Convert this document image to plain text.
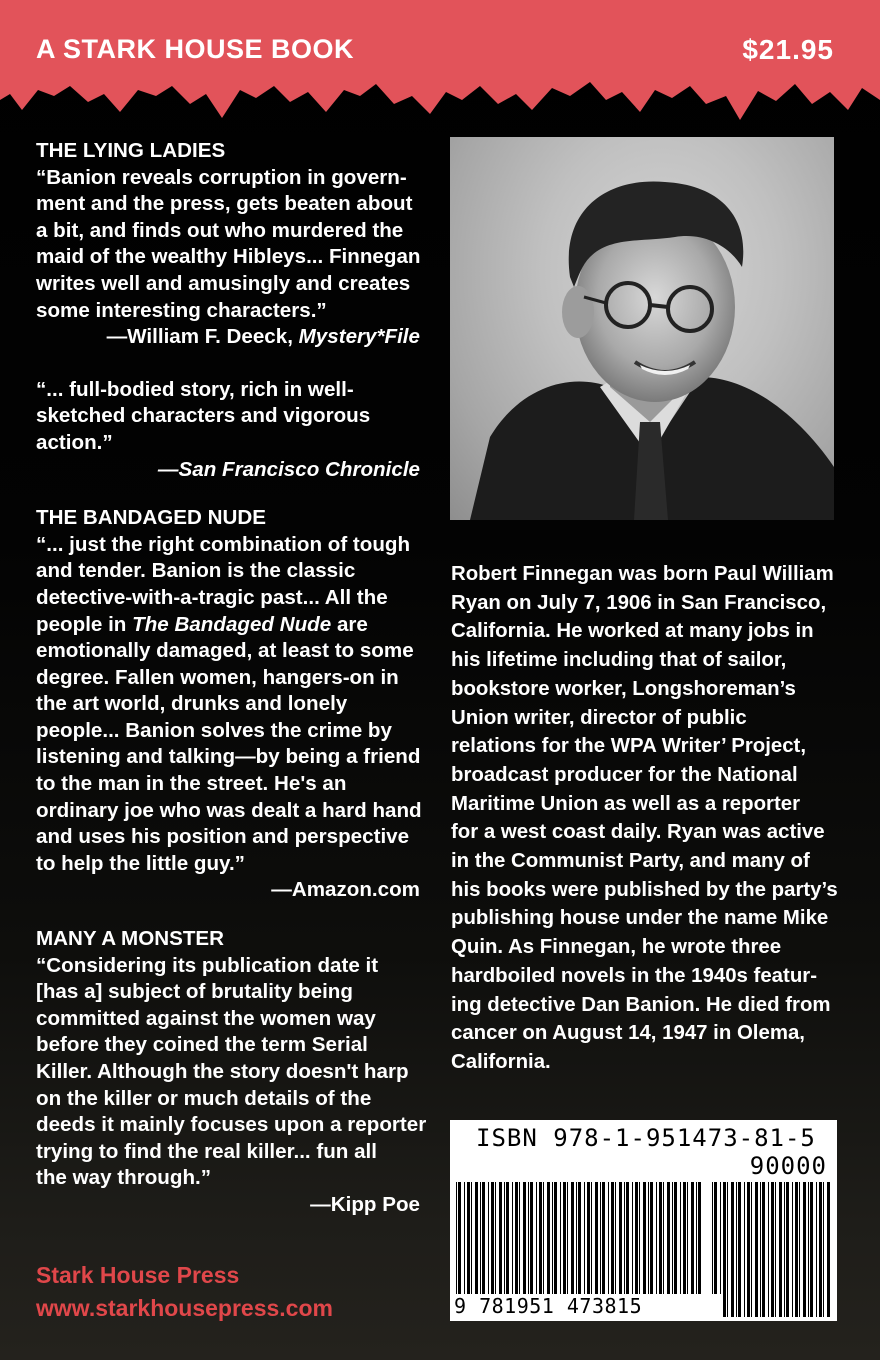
A STARK HOUSE BOOK	$21.95

THE LYING LADIES

“Banion reveals corruption in govern-

ment and the press, gets beaten about

a bit, and finds out who murdered the

maid of the wealthy Hibleys... Finnegan

writes well and amusingly and creates

some interesting characters.”

—William F. Deeck, Mystery*File

“... full-bodied story, rich in well-

sketched characters and vigorous

action.”

—San Francisco Chronicle

THE BANDAGED NUDE

“... just the right combination of tough

and tender. Banion is the classic

detective-with-a-tragic past... All the

people in The Bandaged Nude are

emotionally damaged, at least to some

degree. Fallen women, hangers-on in

the art world, drunks and lonely

people... Banion solves the crime by

listening and talking—by being a friend

to the man in the street. He's an

ordinary joe who was dealt a hard hand

and uses his position and perspective

to help the little guy.”

—Amazon.com

MANY A MONSTER

“Considering its publication date it

[has a] subject of brutality being

committed against the women way

before they coined the term Serial

Killer. Although the story doesn't harp

on the killer or much details of the

deeds it mainly focuses upon a reporter

trying to find the real killer... fun all

the way through.”

—Kipp Poe

Robert Finnegan was born Paul William
Ryan on July 7, 1906 in San Francisco,
California. He worked at many jobs in
his lifetime including that of sailor,
bookstore worker, Longshoreman’s
Union writer, director of public
relations for the WPA Writer’ Project,
broadcast producer for the National
Maritime Union as well as a reporter
for a west coast daily. Ryan was active
in the Communist Party, and many of
his books were published by the party’s
publishing house under the name Mike
Quin. As Finnegan, he wrote three
hardboiled novels in the 1940s featur-
ing detective Dan Banion. He died from
cancer on August 14, 1947 in Olema,
California.
ISBN 978-1-951473-81-5
90000
9 781951 473815
Stark House Press
www.starkhousepress.com
